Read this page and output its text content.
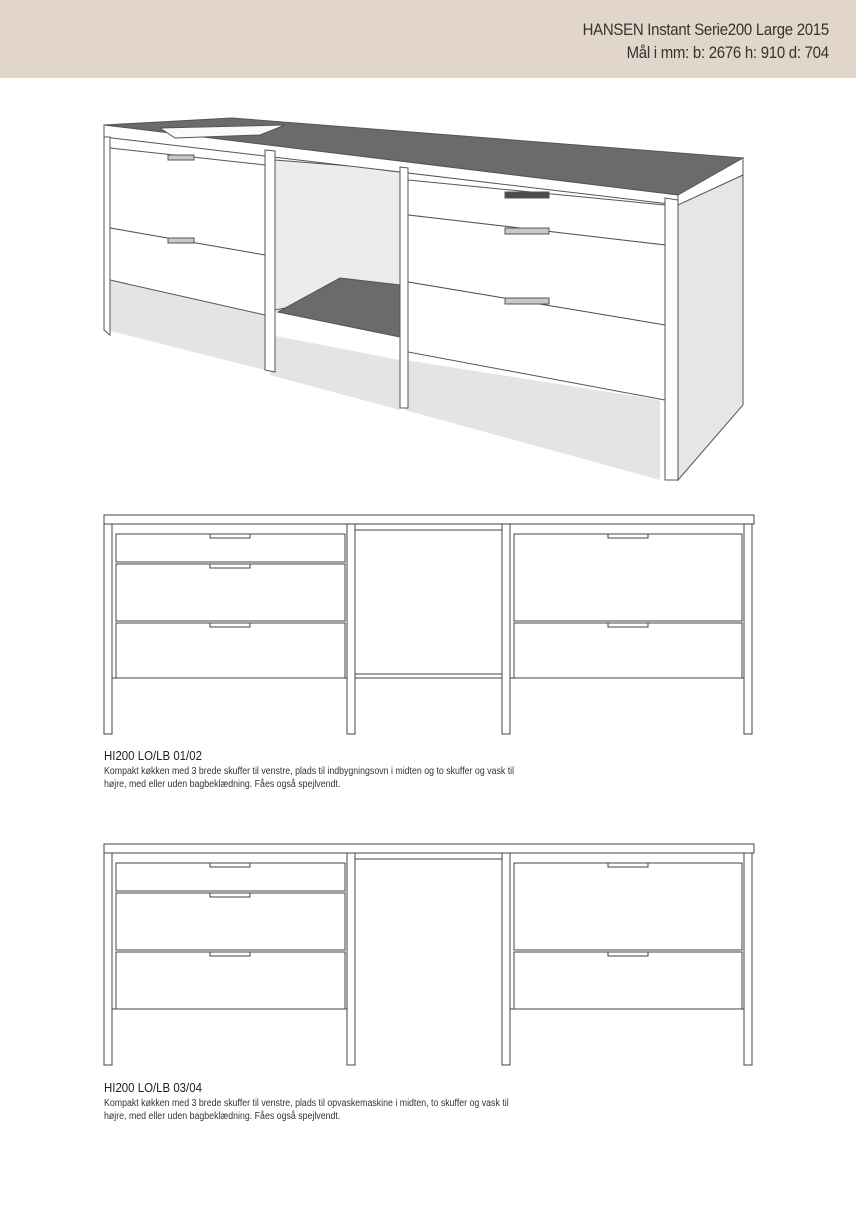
HANSEN Instant Serie200 Large 2015
Mål i mm: b: 2676 h: 910 d: 704
HI200 LO/LB 01/02
Kompakt køkken med 3 brede skuffer til venstre, plads til indbygningsovn i midten og to skuffer og vask til højre, med eller uden bagbeklædning. Fåes også spejlvendt.
HI200 LO/LB 03/04
Kompakt køkken med 3 brede skuffer til venstre, plads til opvaskemaskine i midten, to skuffer og vask til højre, med eller uden bagbeklædning. Fåes også spejlvendt.
